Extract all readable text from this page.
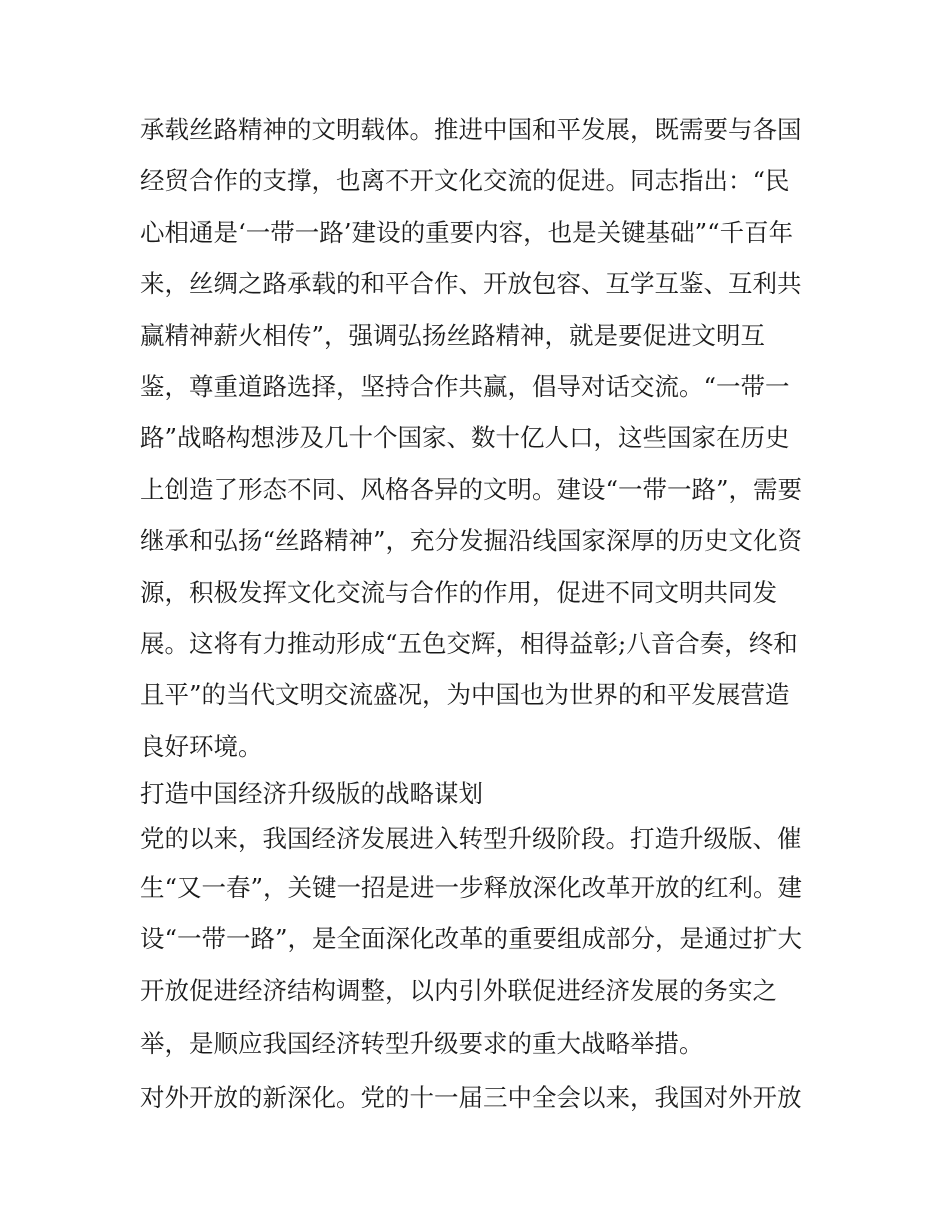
承载丝路精神的文明载体。推进中国和平发展，既需要与各国
经贸合作的支撑，也离不开文化交流的促进。同志指出：“民
心相通是‘一带一路’建设的重要内容，也是关键基础”“千百年
来，丝绸之路承载的和平合作、开放包容、互学互鉴、互利共
赢精神薪火相传”，强调弘扬丝路精神，就是要促进文明互
鉴，尊重道路选择，坚持合作共赢，倡导对话交流。“一带一
路”战略构想涉及几十个国家、数十亿人口，这些国家在历史
上创造了形态不同、风格各异的文明。建设“一带一路”，需要
继承和弘扬“丝路精神”，充分发掘沿线国家深厚的历史文化资
源，积极发挥文化交流与合作的作用，促进不同文明共同发
展。这将有力推动形成“五色交辉，相得益彰;八音合奏，终和
且平”的当代文明交流盛况，为中国也为世界的和平发展营造
良好环境。
打造中国经济升级版的战略谋划
党的以来，我国经济发展进入转型升级阶段。打造升级版、催
生“又一春”，关键一招是进一步释放深化改革开放的红利。建
设“一带一路”，是全面深化改革的重要组成部分，是通过扩大
开放促进经济结构调整，以内引外联促进经济发展的务实之
举，是顺应我国经济转型升级要求的重大战略举措。
对外开放的新深化。党的十一届三中全会以来，我国对外开放
